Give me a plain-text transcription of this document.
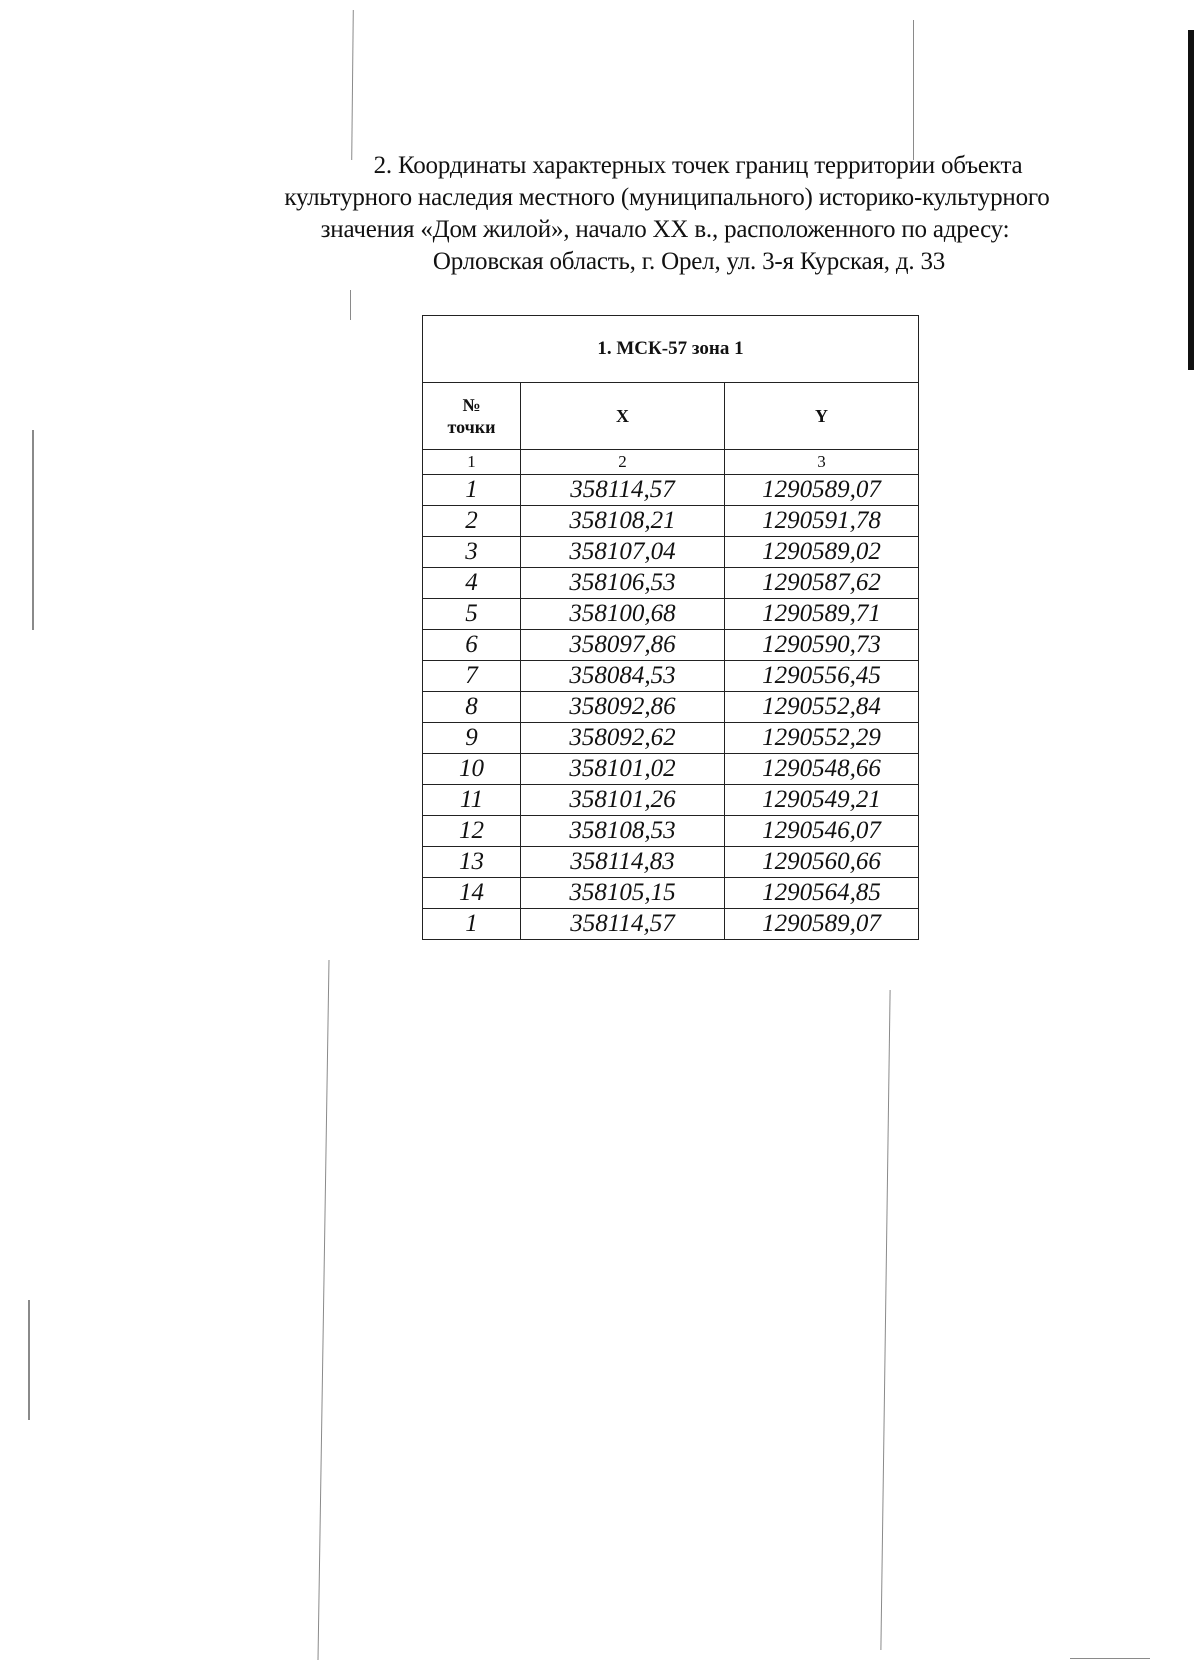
2. Координаты характерных точек границ территории объекта
культурного наследия местного (муниципального) историко-культурного
значения «Дом жилой», начало XX в., расположенного по адресу:
Орловская область, г. Орел, ул. 3-я Курская, д. 33
1. МСК-57 зона 1		
№
точки	X	Y
1	2	3
1	358114,57	1290589,07
2	358108,21	1290591,78
3	358107,04	1290589,02
4	358106,53	1290587,62
5	358100,68	1290589,71
6	358097,86	1290590,73
7	358084,53	1290556,45
8	358092,86	1290552,84
9	358092,62	1290552,29
10	358101,02	1290548,66
11	358101,26	1290549,21
12	358108,53	1290546,07
13	358114,83	1290560,66
14	358105,15	1290564,85
1	358114,57	1290589,07
